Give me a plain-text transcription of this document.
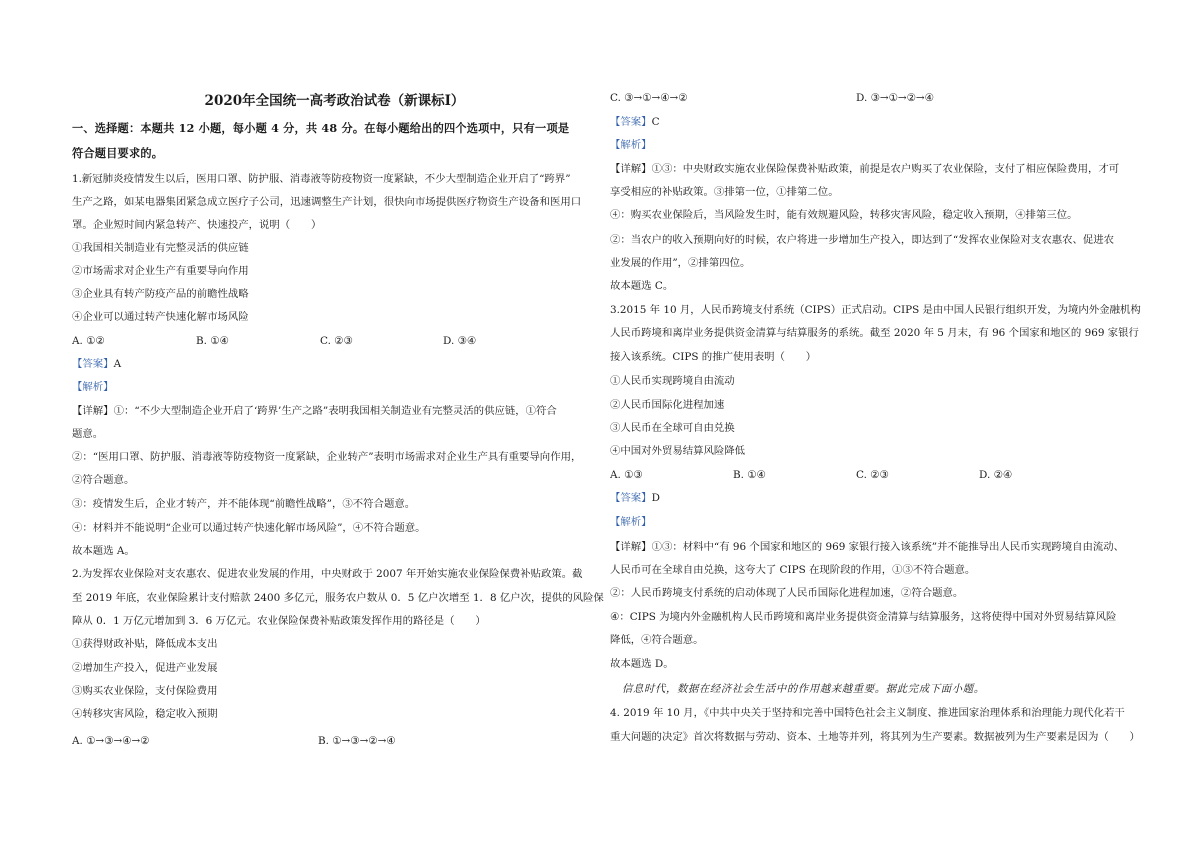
2020年全国统一高考政治试卷（新课标Ⅰ）
一、选择题：本题共 12 小题，每小题 4 分，共 48 分。在每小题给出的四个选项中，只有一项是
符合题目要求的。
1.新冠肺炎疫情发生以后，医用口罩、防护服、消毒液等防疫物资一度紧缺，不少大型制造企业开启了“跨界”
生产之路，如某电器集团紧急成立医疗子公司，迅速调整生产计划，很快向市场提供医疗物资生产设备和医用口
罩。企业短时间内紧急转产、快速投产，说明（　　）
①我国相关制造业有完整灵活的供应链
②市场需求对企业生产有重要导向作用
③企业具有转产防疫产品的前瞻性战略
④企业可以通过转产快速化解市场风险
A. ①②	B. ①④	C. ②③	D. ③④
【答案】A
【解析】
【详解】①：“不少大型制造企业开启了‘跨界’生产之路”表明我国相关制造业有完整灵活的供应链，①符合
题意。
②：“医用口罩、防护服、消毒液等防疫物资一度紧缺，企业转产”表明市场需求对企业生产具有重要导向作用，
②符合题意。
③：疫情发生后，企业才转产，并不能体现“前瞻性战略”，③不符合题意。
④：材料并不能说明“企业可以通过转产快速化解市场风险”，④不符合题意。
故本题选 A。
2.为发挥农业保险对支农惠农、促进农业发展的作用，中央财政于 2007 年开始实施农业保险保费补贴政策。截
至 2019 年底，农业保险累计支付赔款 2400 多亿元，服务农户数从 0．5 亿户次增至 1．8 亿户次，提供的风险保
障从 0．1 万亿元增加到 3．6 万亿元。农业保险保费补贴政策发挥作用的路径是（　　）
①获得财政补贴，降低成本支出
②增加生产投入，促进产业发展
③购买农业保险，支付保险费用
④转移灾害风险，稳定收入预期
A. ①→③→④→②	B. ①→③→②→④
C. ③→①→④→②	D. ③→①→②→④
【答案】C
【解析】
【详解】①③：中央财政实施农业保险保费补贴政策，前提是农户购买了农业保险，支付了相应保险费用，才可
享受相应的补贴政策。③排第一位，①排第二位。
④：购买农业保险后，当风险发生时，能有效规避风险，转移灾害风险，稳定收入预期，④排第三位。
②：当农户的收入预期向好的时候，农户将进一步增加生产投入，即达到了“发挥农业保险对支农惠农、促进农
业发展的作用”，②排第四位。
故本题选 C。
3.2015 年 10 月，人民币跨境支付系统（CIPS）正式启动。CIPS 是由中国人民银行组织开发，为境内外金融机构
人民币跨境和离岸业务提供资金清算与结算服务的系统。截至 2020 年 5 月末，有 96 个国家和地区的 969 家银行
接入该系统。CIPS 的推广使用表明（　　）
①人民币实现跨境自由流动
②人民币国际化进程加速
③人民币在全球可自由兑换
④中国对外贸易结算风险降低
A. ①③	B. ①④	C. ②③	D. ②④
【答案】D
【解析】
【详解】①③：材料中“有 96 个国家和地区的 969 家银行接入该系统”并不能推导出人民币实现跨境自由流动、
人民币可在全球自由兑换，这夸大了 CIPS 在现阶段的作用，①③不符合题意。
②：人民币跨境支付系统的启动体现了人民币国际化进程加速，②符合题意。
④：CIPS 为境内外金融机构人民币跨境和离岸业务提供资金清算与结算服务，这将使得中国对外贸易结算风险
降低，④符合题意。
故本题选 D。
信息时代，数据在经济社会生活中的作用越来越重要。据此完成下面小题。
4. 2019 年 10 月，《中共中央关于坚持和完善中国特色社会主义制度、推进国家治理体系和治理能力现代化若干
重大问题的决定》首次将数据与劳动、资本、土地等并列，将其列为生产要素。数据被列为生产要素是因为（　　）
